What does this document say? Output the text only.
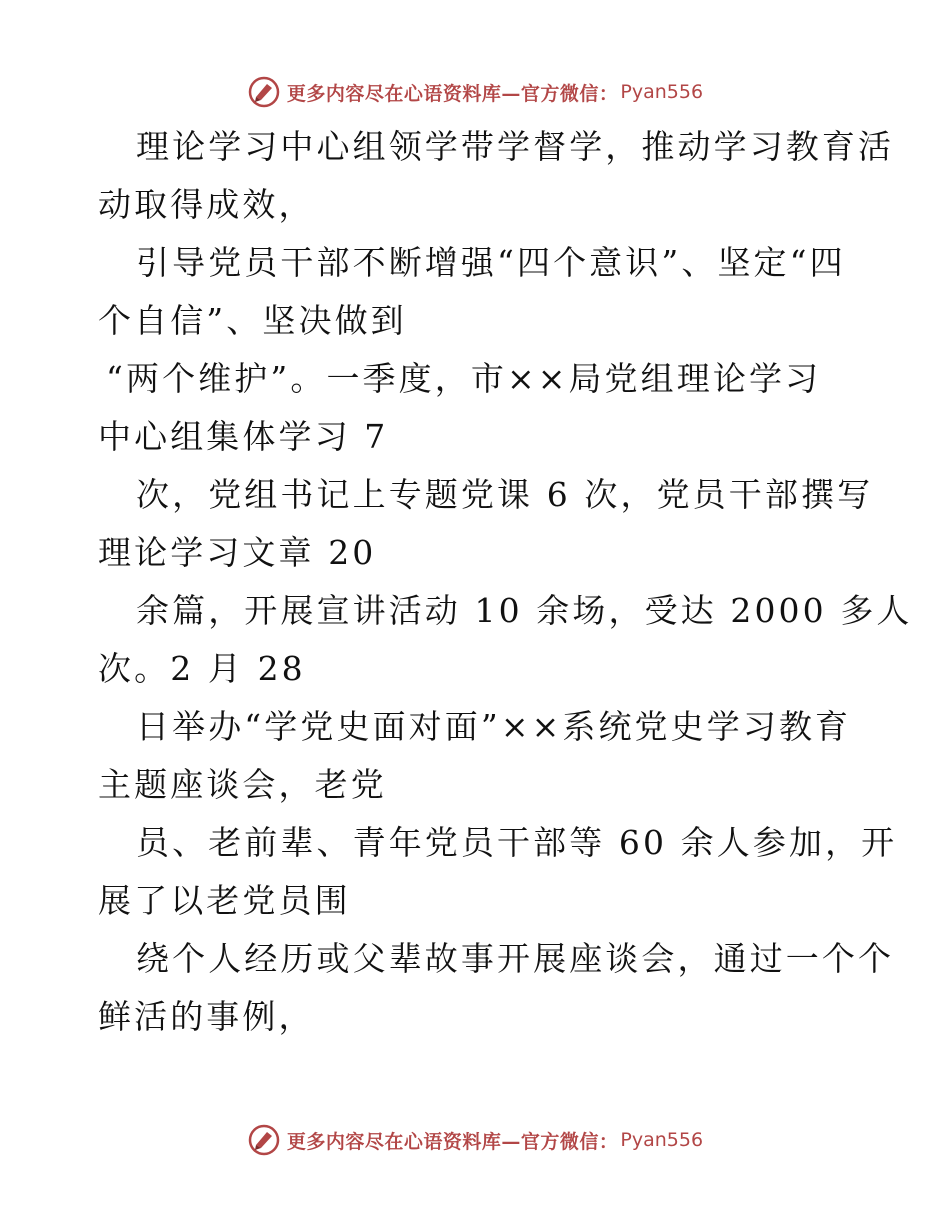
更多内容尽在心语资料库—官方微信： Pyan556
理论学习中心组领学带学督学，推动学习教育活
动取得成效，
引导党员干部不断增强“四个意识”、坚定“四
个自信”、坚决做到
“两个维护”。一季度，市××局党组理论学习
中心组集体学习 7
次，党组书记上专题党课 6 次，党员干部撰写
理论学习文章 20
余篇，开展宣讲活动 10 余场，受达 2000 多人
次。2 月 28
日举办“学党史面对面”××系统党史学习教育
主题座谈会，老党
员、老前辈、青年党员干部等 60 余人参加，开
展了以老党员围
绕个人经历或父辈故事开展座谈会，通过一个个
鲜活的事例，
更多内容尽在心语资料库—官方微信： Pyan556
